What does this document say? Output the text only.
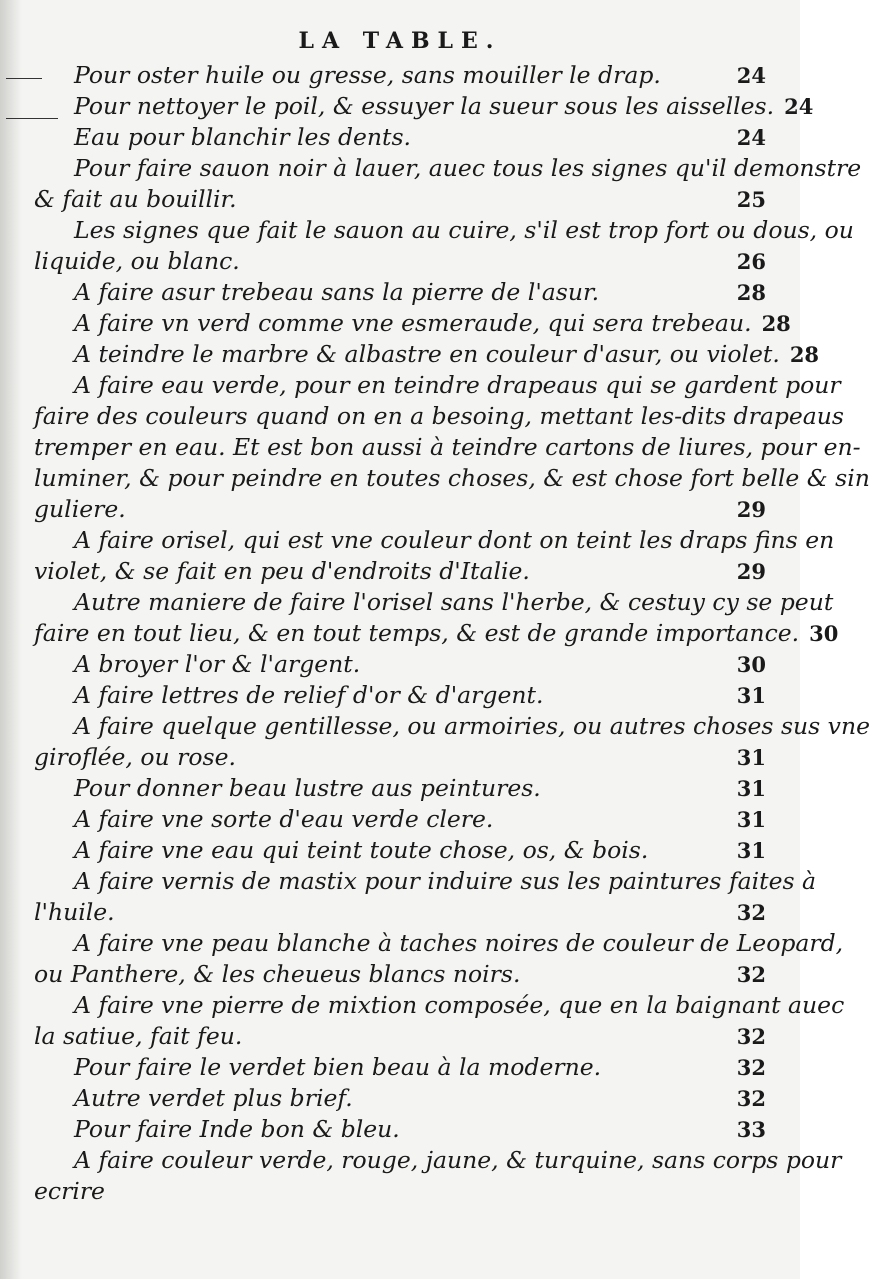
LA TABLE.
Pour oster huile ou gresse, sans mouiller le drap.	24
Pour nettoyer le poil, & essuyer la sueur sous les aisselles. 24
Eau pour blanchir les dents.	24
Pour faire sauon noir à lauer, auec tous les signes qu'il demonstre
& fait au bouillir.	25
Les signes que fait le sauon au cuire, s'il est trop fort ou dous, ou
liquide, ou blanc.	26
A faire asur trebeau sans la pierre de l'asur.	28
A faire vn verd comme vne esmeraude, qui sera trebeau. 28
A teindre le marbre & albastre en couleur d'asur, ou violet. 28
A faire eau verde, pour en teindre drapeaus qui se gardent pour
faire des couleurs quand on en a besoing, mettant les-dits drapeaus
tremper en eau. Et est bon aussi à teindre cartons de liures, pour en-
luminer, & pour peindre en toutes choses, & est chose fort belle & sin
guliere.	29
A faire orisel, qui est vne couleur dont on teint les draps fins en
violet, & se fait en peu d'endroits d'Italie.	29
Autre maniere de faire l'orisel sans l'herbe, & cestuy cy se peut
faire en tout lieu, & en tout temps, & est de grande importance. 30
A broyer l'or & l'argent.	30
A faire lettres de relief d'or & d'argent.	31
A faire quelque gentillesse, ou armoiries, ou autres choses sus vne
giroflée, ou rose.	31
Pour donner beau lustre aus peintures.	31
A faire vne sorte d'eau verde clere.	31
A faire vne eau qui teint toute chose, os, & bois.	31
A faire vernis de mastix pour induire sus les paintures faites à
l'huile.	32
A faire vne peau blanche à taches noires de couleur de Leopard,
ou Panthere, & les cheueus blancs noirs.	32
A faire vne pierre de mixtion composée, que en la baignant auec
la satiue, fait feu.	32
Pour faire le verdet bien beau à la moderne.	32
Autre verdet plus brief.	32
Pour faire Inde bon & bleu.	33
A faire couleur verde, rouge, jaune, & turquine, sans corps pour
ecrire
